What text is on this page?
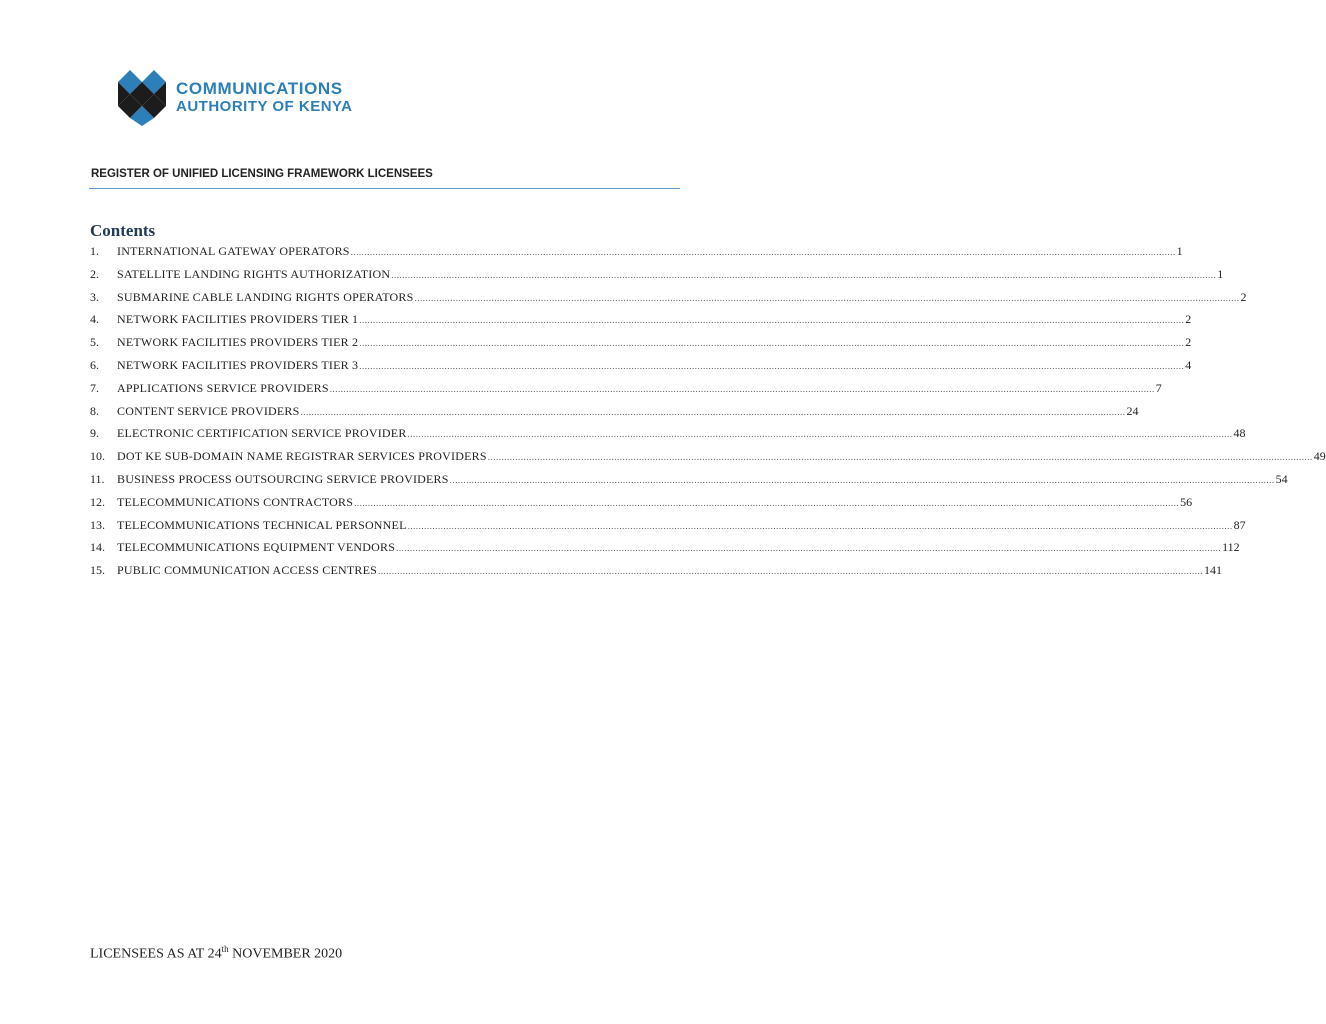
COMMUNICATIONS
AUTHORITY OF KENYA
REGISTER OF UNIFIED LICENSING FRAMEWORK LICENSEES
Contents
1.	INTERNATIONAL GATEWAY OPERATORS ............................................................................................................................................................................................................................................................................................................ 1
2.	SATELLITE LANDING RIGHTS AUTHORIZATION ............................................................................................................................................................................................................................................................................................................ 1
3.	SUBMARINE CABLE LANDING RIGHTS OPERATORS ............................................................................................................................................................................................................................................................................................................ 2
4.	NETWORK FACILITIES PROVIDERS TIER 1 ............................................................................................................................................................................................................................................................................................................ 2
5.	NETWORK FACILITIES PROVIDERS TIER 2 ............................................................................................................................................................................................................................................................................................................ 2
6.	NETWORK FACILITIES PROVIDERS TIER 3 ............................................................................................................................................................................................................................................................................................................ 4
7.	APPLICATIONS SERVICE PROVIDERS ............................................................................................................................................................................................................................................................................................................ 7
8.	CONTENT SERVICE PROVIDERS ............................................................................................................................................................................................................................................................................................................ 24
9.	ELECTRONIC CERTIFICATION SERVICE PROVIDER ............................................................................................................................................................................................................................................................................................................ 48
10.	DOT KE SUB-DOMAIN NAME REGISTRAR SERVICES PROVIDERS ............................................................................................................................................................................................................................................................................................................ 49
11.	BUSINESS PROCESS OUTSOURCING SERVICE PROVIDERS ............................................................................................................................................................................................................................................................................................................ 54
12.	TELECOMMUNICATIONS CONTRACTORS ............................................................................................................................................................................................................................................................................................................ 56
13.	TELECOMMUNICATIONS TECHNICAL PERSONNEL ............................................................................................................................................................................................................................................................................................................ 87
14.	TELECOMMUNICATIONS EQUIPMENT VENDORS ............................................................................................................................................................................................................................................................................................................ 112
15.	PUBLIC COMMUNICATION ACCESS CENTRES ............................................................................................................................................................................................................................................................................................................ 141
LICENSEES AS AT 24th NOVEMBER 2020
